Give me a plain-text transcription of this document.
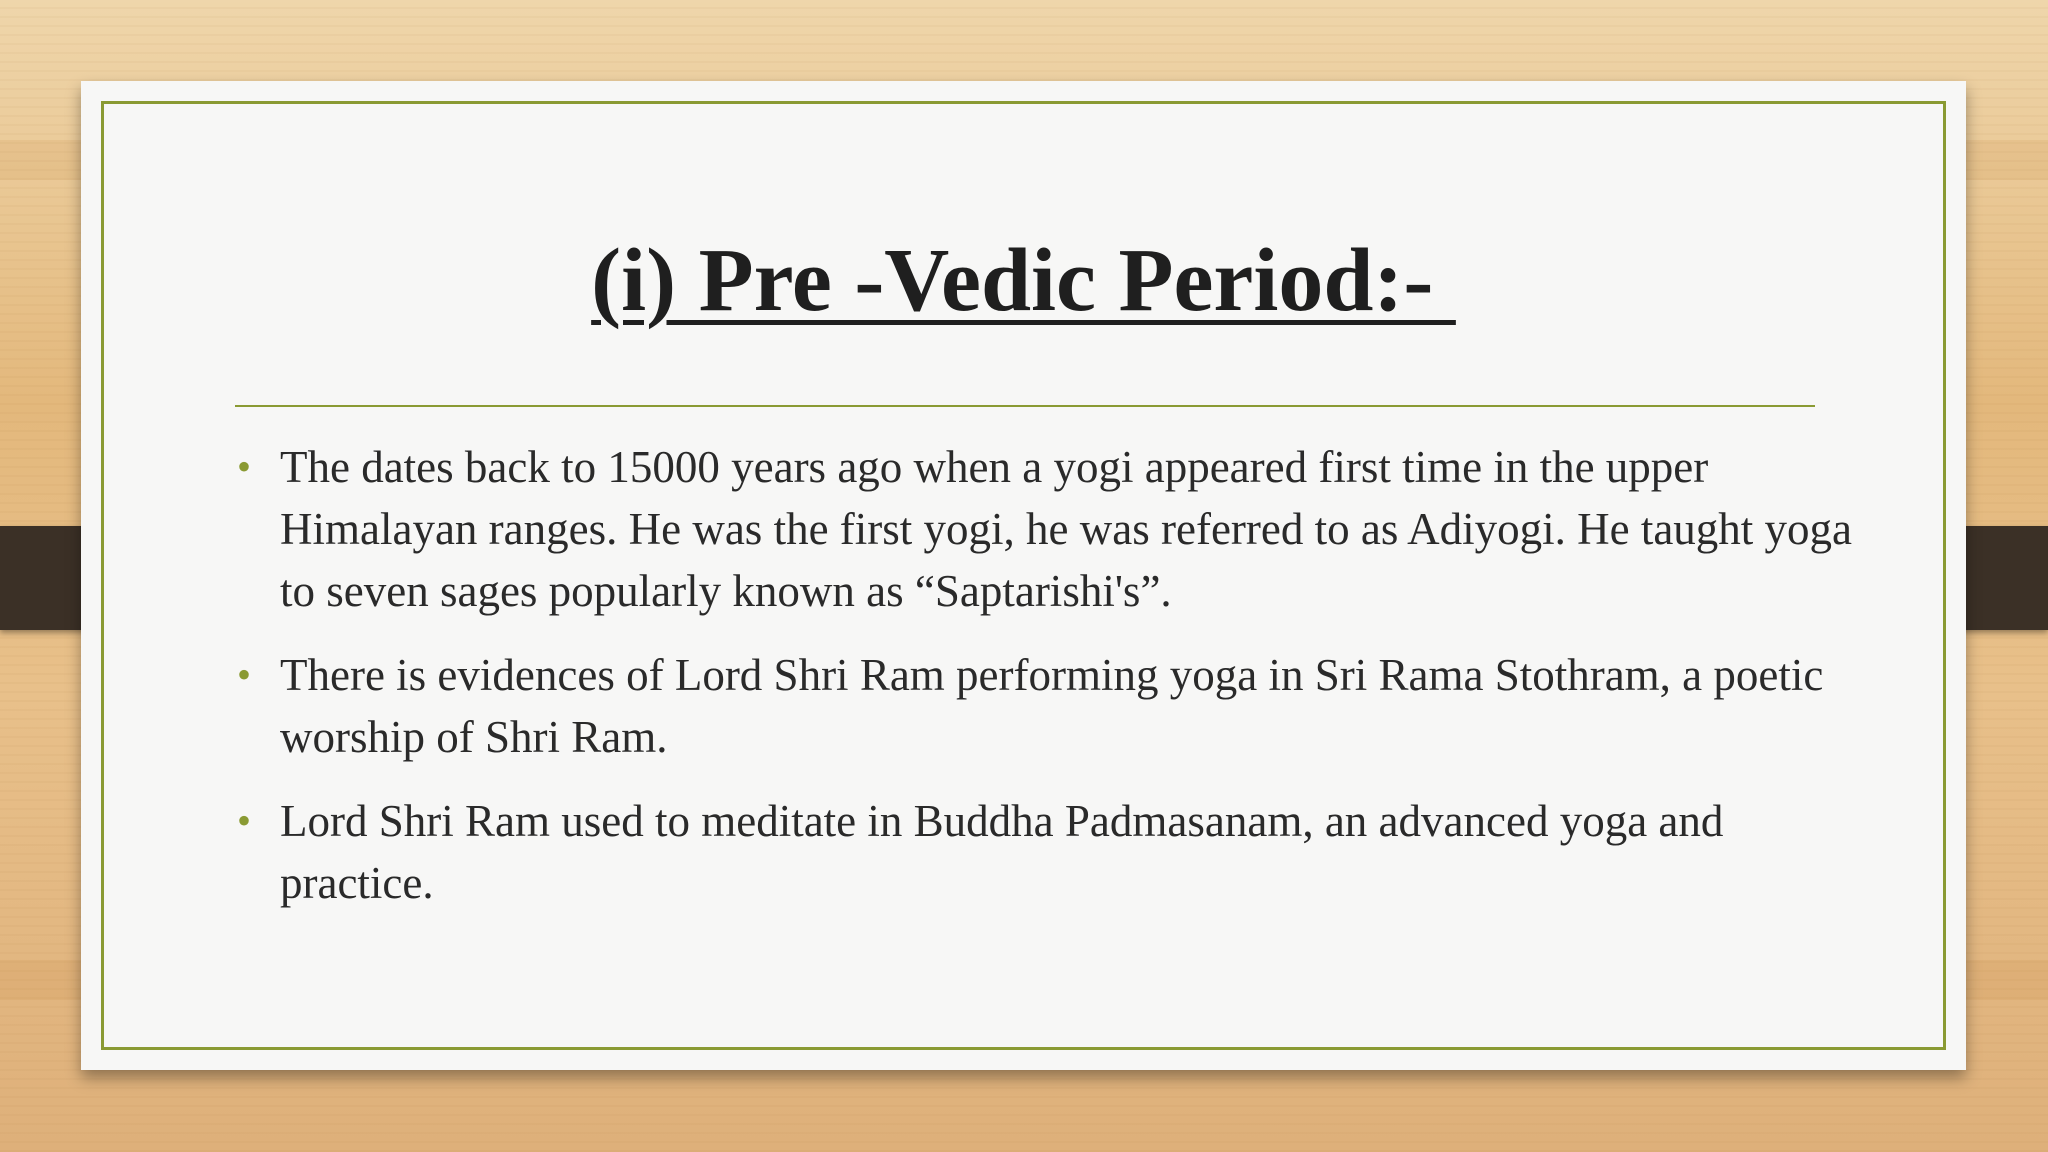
(i) Pre -Vedic Period:-
• The dates back to 15000 years ago when a yogi appeared first time in the upper Himalayan ranges. He was the first yogi, he was referred to as Adiyogi. He taught yoga to seven sages popularly known as “Saptarishi's”.
• There is evidences of Lord Shri Ram performing yoga in Sri Rama Stothram, a poetic worship of Shri Ram.
• Lord Shri Ram used to meditate in Buddha Padmasanam, an advanced yoga and practice.
